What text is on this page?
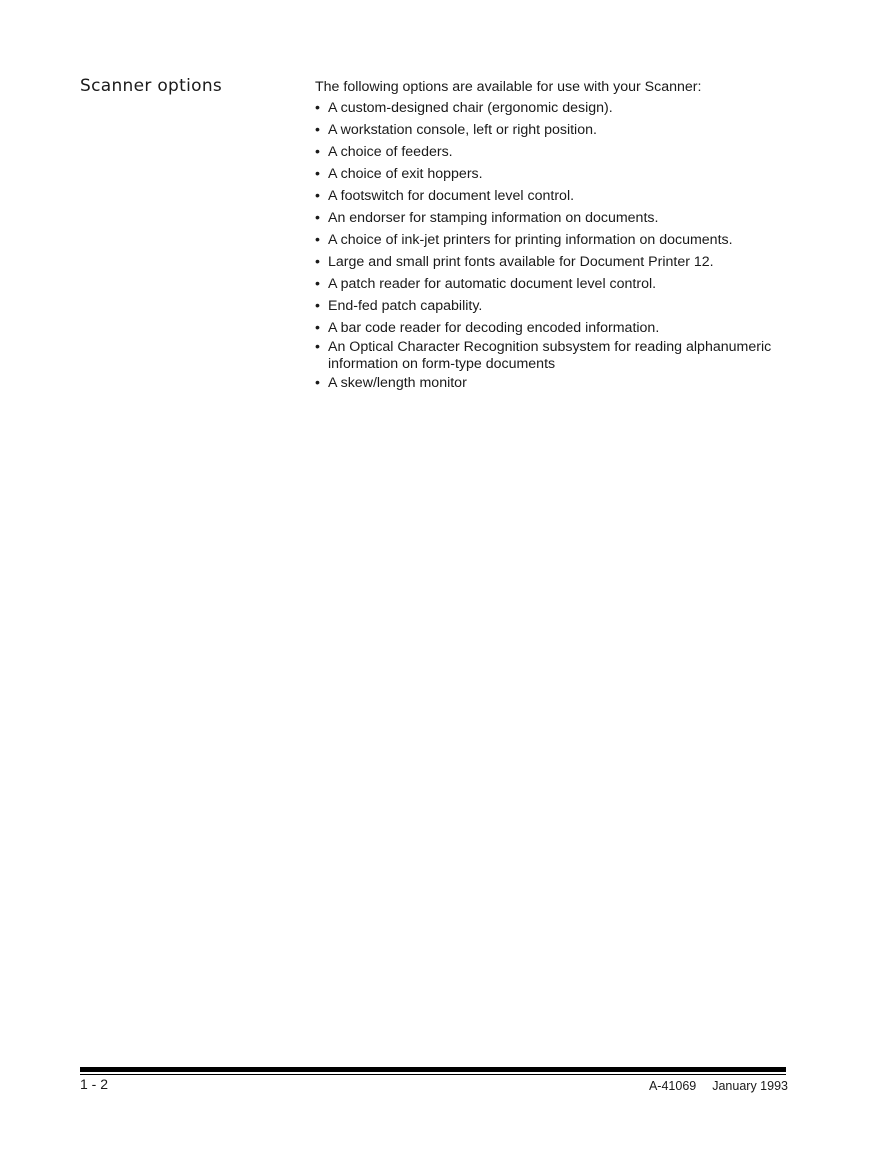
Scanner options	The following options are available for use with your Scanner:

• A custom-designed chair (ergonomic design).
• A workstation console, left or right position.
• A choice of feeders.
• A choice of exit hoppers.
• A footswitch for document level control.
• An endorser for stamping information on documents.
• A choice of ink-jet printers for printing information on documents.
• Large and small print fonts available for Document Printer 12.
• A patch reader for automatic document level control.
• End-fed patch capability.
• A bar code reader for decoding encoded information.
• An Optical Character Recognition subsystem for reading alphanumeric information on form-type documents
• A skew/length monitor
1 - 2	A-41069 January 1993
